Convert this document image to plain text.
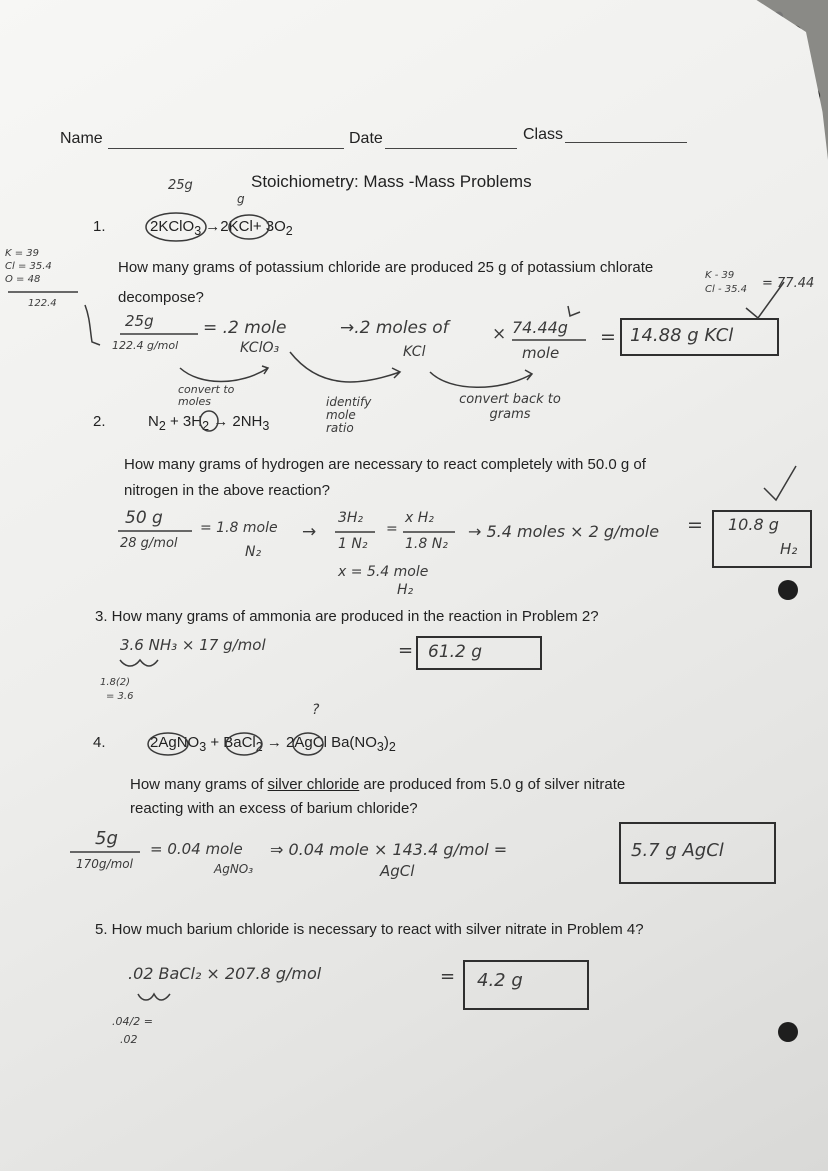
Name	Date	Class
Stoichiometry: Mass -Mass Problems
25g
g
1.	2KClO$_3$ $\to 2KCl+ 3O_2$
K = 39
Cl = 35.4
O = 48
122.4
How many grams of potassium chloride are produced 25 g of potassium chlorate
decompose?
K - 39
Cl - 35.4 = 77.44
25g
122.4 g/mol
= .2 mole
KClO₃
→.2 moles of
KCl
× 74.44g
mole
= 14.88 g KCl
convert to moles	identify mole ratio
convert back to grams
2.	$N_2 + 3H_2 \to 2NH_3$
How many grams of hydrogen are necessary to react completely with 50.0 g of
nitrogen in the above reaction?
50 g
28 g/mol
= 1.8 mole
N₂
→
3H₂
1 N₂
=
x H₂
1.8 N₂
→ 5.4 moles × 2 g/mole =
x = 5.4 mole
H₂
10.8 g
H₂
3. How many grams of ammonia are produced in the reaction in Problem 2?
3.6 NH₃ × 17 g/mol
1.8(2)
= 3.6
= 61.2 g
?
4.	2AgNO$_3$ + BaCl$_2$ → 2AgCl $Ba(NO_3)_2$
How many grams of silver chloride are produced from 5.0 g of silver nitrate
reacting with an excess of barium chloride?
5g
170g/mol
= 0.04 mole
AgNO₃
⇒ 0.04 mole × 143.4 g/mol =
AgCl
5.7 g AgCl
5. How much barium chloride is necessary to react with silver nitrate in Problem 4?
.02 BaCl₂ × 207.8 g/mol	=
.04/2 =
.02
4.2 g
